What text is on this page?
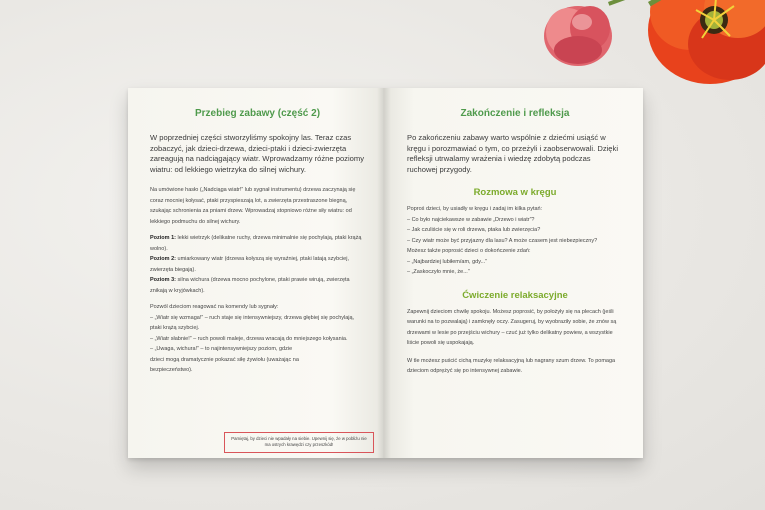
Przebieg zabawy (część 2)

W poprzedniej części stworzyliśmy spokojny las. Teraz czas zobaczyć, jak dzieci-drzewa, dzieci-ptaki i dzieci-zwierzęta zareagują na nadciągający wiatr. Wprowadzamy różne poziomy wiatru: od lekkiego wietrzyka do silnej wichury.

Na umówione hasło („Nadciąga wiatr!” lub sygnał instrumentu) drzewa zaczynają się coraz mocniej kołysać, ptaki przyspieszają lot, a zwierzęta przestraszone biegną, szukając schronienia za pniami drzew. Wprowadzaj stopniowo różne siły wiatru: od lekkiego podmuchu do silnej wichury.

Poziom 1: lekki wietrzyk (delikatne ruchy, drzewa minimalnie się pochylają, ptaki krążą wolno).

Poziom 2: umiarkowany wiatr (drzewa kołyszą się wyraźniej, ptaki latają szybciej, zwierzęta biegają).

Poziom 3: silna wichura (drzewa mocno pochylone, ptaki prawie wirują, zwierzęta znikają w kryjówkach).

Pozwól dzieciom reagować na komendy lub sygnały:

– „Wiatr się wzmaga!” – ruch staje się intensywniejszy, drzewa głębiej się pochylają, ptaki krążą szybciej.

– „Wiatr słabnie!” – ruch powoli maleje, drzewa wracają do mniejszego kołysania.

– „Uwaga, wichura!” – to najintensywniejszy poziom, gdzie dzieci mogą dramatycznie pokazać siłę żywiołu (uważając na bezpieczeństwo).

Pamiętaj, by dzieci nie wpadały na siebie. Upewnij się, że w pobliżu nie ma ostrych krawędzi czy przeszkód!
Zakończenie i refleksja

Po zakończeniu zabawy warto wspólnie z dziećmi usiąść w kręgu i porozmawiać o tym, co przeżyli i zaobserwowali. Dzięki refleksji utrwalamy wrażenia i wiedzę zdobytą podczas ruchowej przygody.

Rozmowa w kręgu

Poproś dzieci, by usiadły w kręgu i zadaj im kilka pytań:

– Co było najciekawsze w zabawie „Drzewo i wiatr”?

– Jak czuliście się w roli drzewa, ptaka lub zwierzęcia?

– Czy wiatr może być przyjazny dla lasu? A może czasem jest niebezpieczny?

Możesz także poprosić dzieci o dokończenie zdań:

– „Najbardziej lubiłem/am, gdy...”

– „Zaskoczyło mnie, że...”

Ćwiczenie relaksacyjne

Zapewnij dzieciom chwilę spokoju. Możesz poprosić, by położyły się na plecach (jeśli warunki na to pozwalają) i zamknęły oczy. Zasugeruj, by wyobraziły sobie, że znów są drzewami w lesie po przejściu wichury – czuć już tylko delikatny powiew, a wszystkie liście powoli się uspokajają.

W tle możesz puścić cichą muzykę relaksacyjną lub nagrany szum drzew. To pomaga dzieciom odprężyć się po intensywnej zabawie.
